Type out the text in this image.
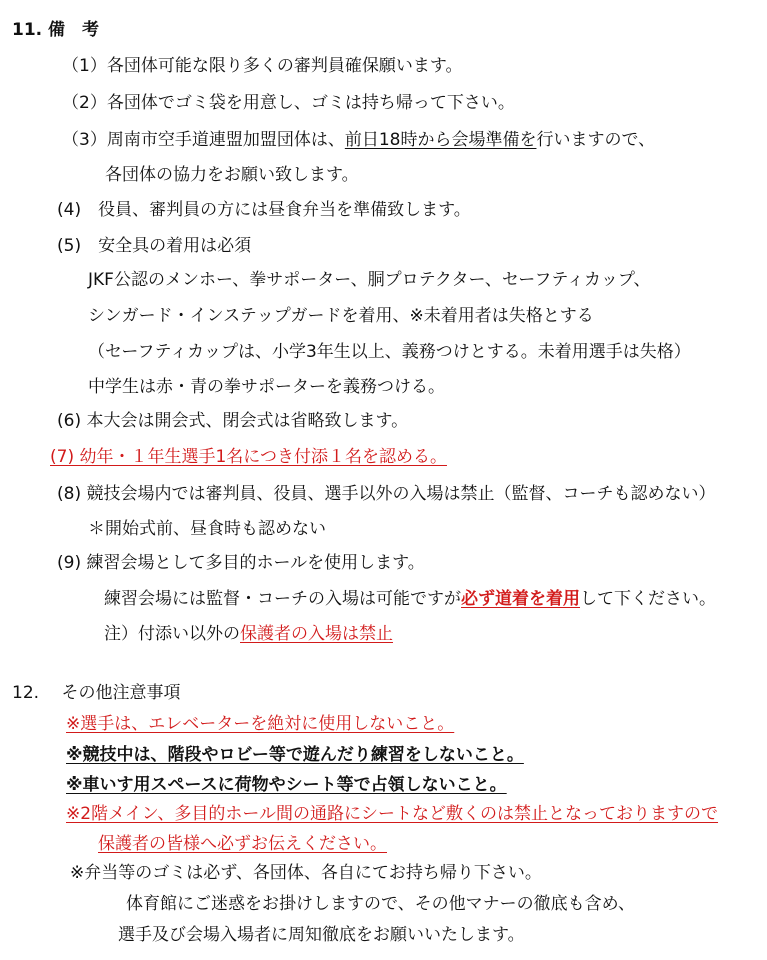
11. 備　考
（1）各団体可能な限り多くの審判員確保願います。
（2）各団体でゴミ袋を用意し、ゴミは持ち帰って下さい。
（3）周南市空手道連盟加盟団体は、前日18時から会場準備を行いますので、
各団体の協力をお願い致します。
(4)　役員、審判員の方には昼食弁当を準備致します。
(5)　安全具の着用は必須
JKF公認のメンホー、拳サポーター、胴プロテクター、セーフティカップ、
シンガード・インステップガードを着用、※未着用者は失格とする
（セーフティカップは、小学3年生以上、義務つけとする。未着用選手は失格）
中学生は赤・青の拳サポーターを義務つける。
(6) 本大会は開会式、閉会式は省略致します。
(7) 幼年・１年生選手1名につき付添１名を認める。
(8) 競技会場内では審判員、役員、選手以外の入場は禁止（監督、コーチも認めない）
＊開始式前、昼食時も認めない
(9) 練習会場として多目的ホールを使用します。
練習会場には監督・コーチの入場は可能ですが必ず道着を着用して下ください。
注）付添い以外の保護者の入場は禁止
12.　 その他注意事項
※選手は、エレベーターを絶対に使用しないこと。
※競技中は、階段やロビー等で遊んだり練習をしないこと。
※車いす用スペースに荷物やシート等で占領しないこと。
※2階メイン、多目的ホール間の通路にシートなど敷くのは禁止となっておりますので
保護者の皆様へ必ずお伝えください。
※弁当等のゴミは必ず、各団体、各自にてお持ち帰り下さい。
体育館にご迷惑をお掛けしますので、その他マナーの徹底も含め、
選手及び会場入場者に周知徹底をお願いいたします。
